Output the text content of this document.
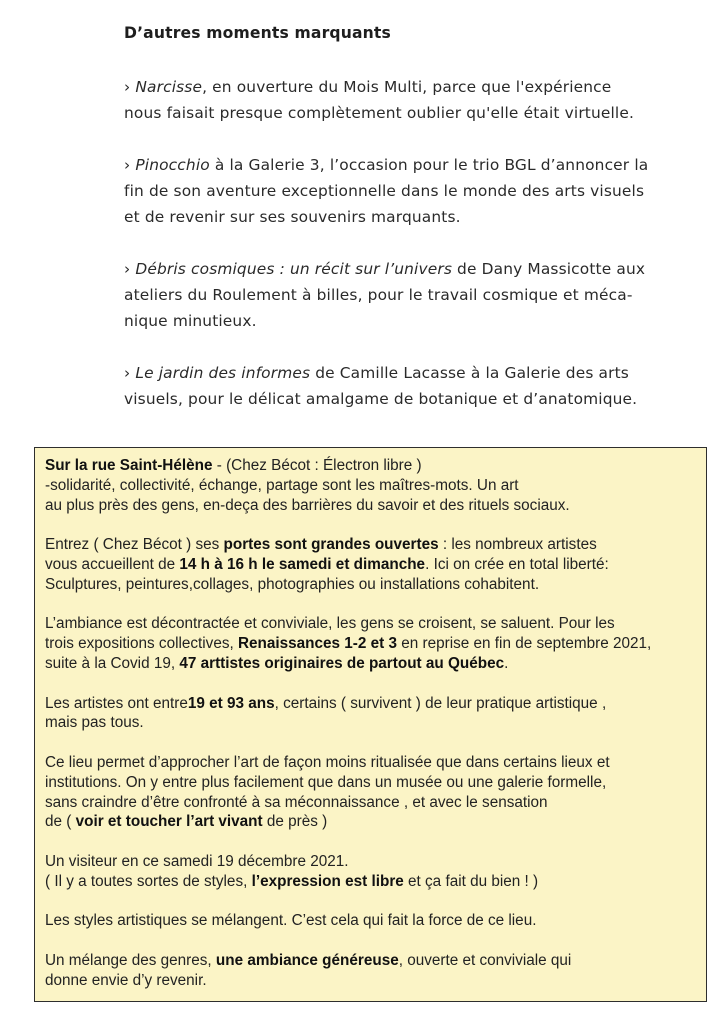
D’autres moments marquants

› Narcisse, en ouverture du Mois Multi, parce que l'expérience
nous faisait presque complètement oublier qu'elle était virtuelle.

› Pinocchio à la Galerie 3, l’occasion pour le trio BGL d’annoncer la
fin de son aventure exceptionnelle dans le monde des arts visuels
et de revenir sur ses souvenirs marquants.

› Débris cosmiques : un récit sur l’univers de Dany Massicotte aux
ateliers du Roulement à billes, pour le travail cosmique et méca-
nique minutieux.

› Le jardin des informes de Camille Lacasse à la Galerie des arts
visuels, pour le délicat amalgame de botanique et d’anatomique.

Sur la rue Saint-Hélène - (Chez Bécot : Électron libre )
-solidarité, collectivité, échange, partage sont les maîtres-mots. Un art
au plus près des gens, en-deça des barrières du savoir et des rituels sociaux.

Entrez ( Chez Bécot ) ses portes sont grandes ouvertes : les nombreux artistes
vous accueillent de 14 h à 16 h le samedi et dimanche. Ici on crée en total liberté:
Sculptures, peintures,collages, photographies ou installations cohabitent.

L’ambiance est décontractée et conviviale, les gens se croisent, se saluent. Pour les
trois expositions collectives, Renaissances 1-2 et 3 en reprise en fin de septembre 2021,
suite à la Covid 19, 47 arttistes originaires de partout au Québec.

Les artistes ont entre19 et 93 ans, certains ( survivent ) de leur pratique artistique ,
mais pas tous.

Ce lieu permet d’approcher l’art de façon moins ritualisée que dans certains lieux et
institutions. On y entre plus facilement que dans un musée ou une galerie formelle,
sans craindre d’être confronté à sa méconnaissance , et avec le sensation
de ( voir et toucher l’art vivant de près )

Un visiteur en ce samedi 19 décembre 2021.
( Il y a toutes sortes de styles, l’expression est libre et ça fait du bien ! )

Les styles artistiques se mélangent. C’est cela qui fait la force de ce lieu.

Un mélange des genres, une ambiance généreuse, ouverte et conviviale qui
donne envie d’y revenir.
